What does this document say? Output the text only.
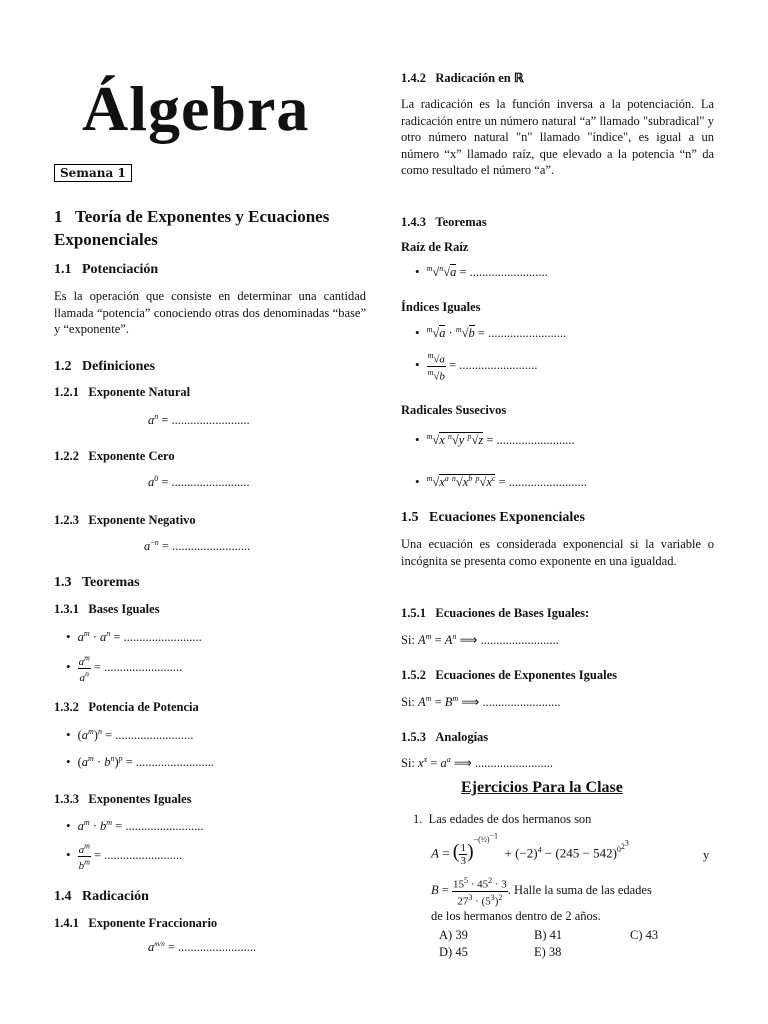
Álgebra
Semana 1
1 Teoría de Exponentes y Ecuaciones Exponenciales
1.1 Potenciación
Es la operación que consiste en determinar una cantidad llamada “potencia” conociendo otras dos denominadas “base” y “exponente”.
1.2 Definiciones
1.2.1 Exponente Natural
$a^n$ = .........................
1.2.2 Exponente Cero
$a^0$ = .........................
1.2.3 Exponente Negativo
$a^{-n}$ = .........................
1.3 Teoremas
1.3.1 Bases Iguales
• $a^m \cdot a^n$ = .........................
• $\frac{a^m}{a^n}$ = .........................
1.3.2 Potencia de Potencia
• $(a^m)^n$ = .........................
• $(a^m \cdot b^n)^p$ = .........................
1.3.3 Exponentes Iguales
• $a^m \cdot b^m$ = .........................
• $\frac{a^m}{b^m}$ = .........................
1.4 Radicación
1.4.1 Exponente Fraccionario
$a^{m/n}$ = .........................
1.4.2 Radicación en ℝ
La radicación es la función inversa a la potenciación. La radicación entre un número natural “a” llamado "subradical" y otro número natural "n" llamado "índice", es igual a un número “x” llamado raíz, que elevado a la potencia “n” da como resultado el número “a”.
1.4.3 Teoremas
Raíz de Raíz
• $^m$√$^n$√a = .........................
Índices Iguales
• $^m$√a · $^m$√b = .........................
• $\frac{^m√a}{^m√b}$ = .........................
Radicales Susecivos
• $^m$√x $^n$√y $^p$√z = .........................
• $^m√x^a$ $^n√x^b$ $^p√x^c$ = .........................
1.5 Ecuaciones Exponenciales
Una ecuación es considerada exponencial si la variable o incógnita se presenta como exponente en una igualdad.
1.5.1 Ecuaciones de Bases Iguales:
Si: $A^m = A^n$ ⟹ .........................
1.5.2 Ecuaciones de Exponentes Iguales
Si: $A^m = B^m$ ⟹ .........................
1.5.3 Analogías
Si: $x^x = a^a$ ⟹ .........................
Ejercicios Para la Clase
1. Las edades de dos hermanos son
A = ( $\frac{1}{3} )^{-(\frac{1}{2})^{-1}} + (-2)^4 - (245 - 542)^{0^{2^3}}$
y
$B = \frac{15^5 \cdot 45^2 \cdot 3}{27^3 \cdot (5^3)^2}$ . Halle la suma de las edades
de los hermanos dentro de 2 años.
A) 39	B) 41	C) 43
D) 45	E) 38
